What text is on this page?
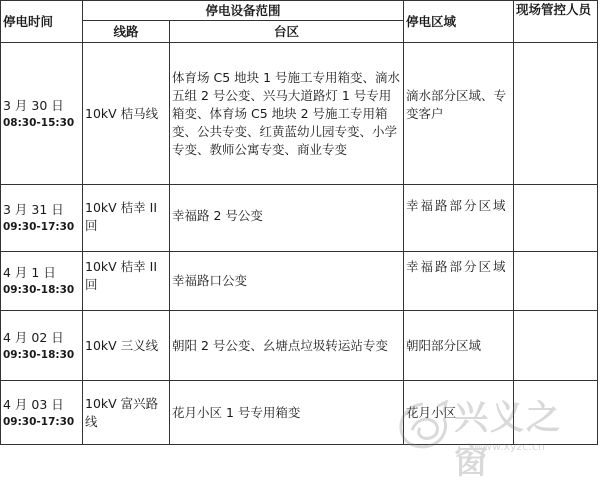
停电时间	停电设备范围		停电区域	现场管控人员
	线路	台区		

3 月 30 日
08:30-15:30	10kV 桔马线	体育场 C5 地块 1 号施工专用箱变、滴水五组 2 号公变、兴马大道路灯 1 号专用箱变、体育场 C5 地块 2 号施工专用箱变、公共专变、红黄蓝幼儿园专变、小学专变、教师公寓专变、商业专变	滴水部分区域、专变客户	

3 月 31 日
09:30-17:30	10kV 桔幸 II 回	幸福路 2 号公变	幸福路部分区域	

4 月 1 日
09:30-18:30	10kV 桔幸 II 回	幸福路口公变	幸福路部分区域	

4 月 02 日
09:30-18:30	10kV 三义线	朝阳 2 号公变、幺塘点垃圾转运站专变	朝阳部分区域	

4 月 03 日
09:30-17:30	10kV 富兴路线	花月小区 1 号专用箱变	花月小区	
兴义之窗
www.xyzc.cn
